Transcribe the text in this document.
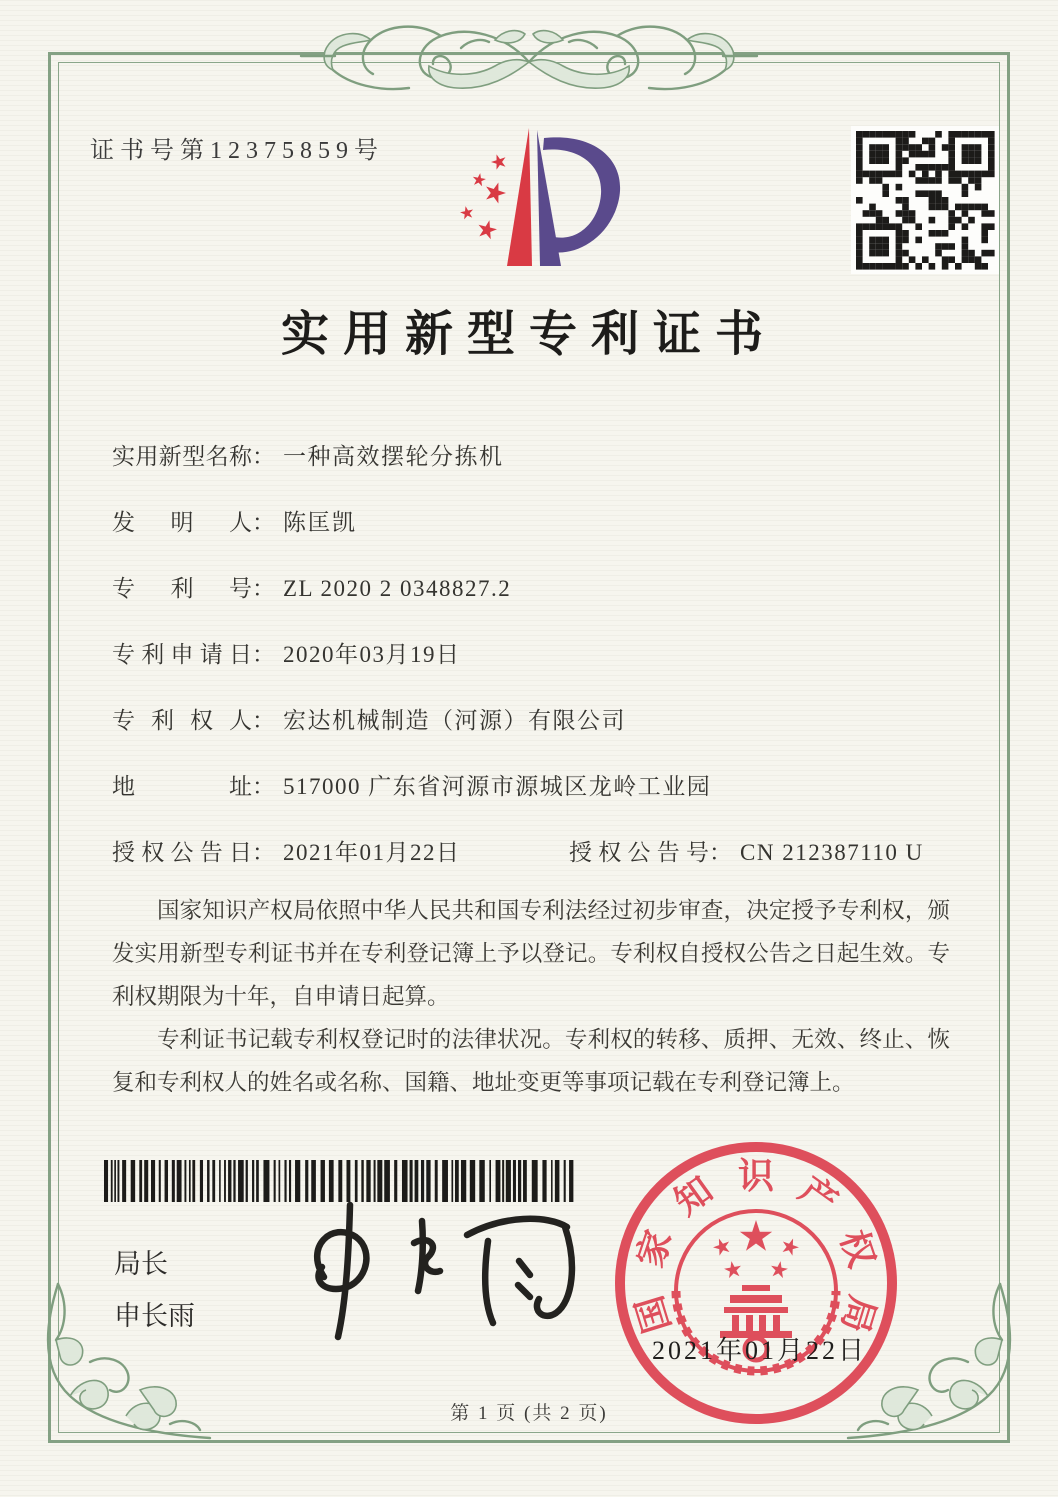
证书号第12375859号
实用新型专利证书
实用新型名称： 一种高效摆轮分拣机
发明人： 陈匡凯
专利号： ZL 2020 2 0348827.2
专利申请日： 2020年03月19日
专利权人： 宏达机械制造（河源）有限公司
地址： 517000 广东省河源市源城区龙岭工业园
授权公告日： 2021年01月22日	授权公告号： CN 212387110 U

国家知识产权局依照中华人民共和国专利法经过初步审查，决定授予专利权，颁发实用新型专利证书并在专利登记簿上予以登记。专利权自授权公告之日起生效。专利权期限为十年，自申请日起算。

专利证书记载专利权登记时的法律状况。专利权的转移、质押、无效、终止、恢复和专利权人的姓名或名称、国籍、地址变更等事项记载在专利登记簿上。

局长
申长雨	国
家
知 识 产
权
局
2021年01月22日
第 1 页 (共 2 页)
